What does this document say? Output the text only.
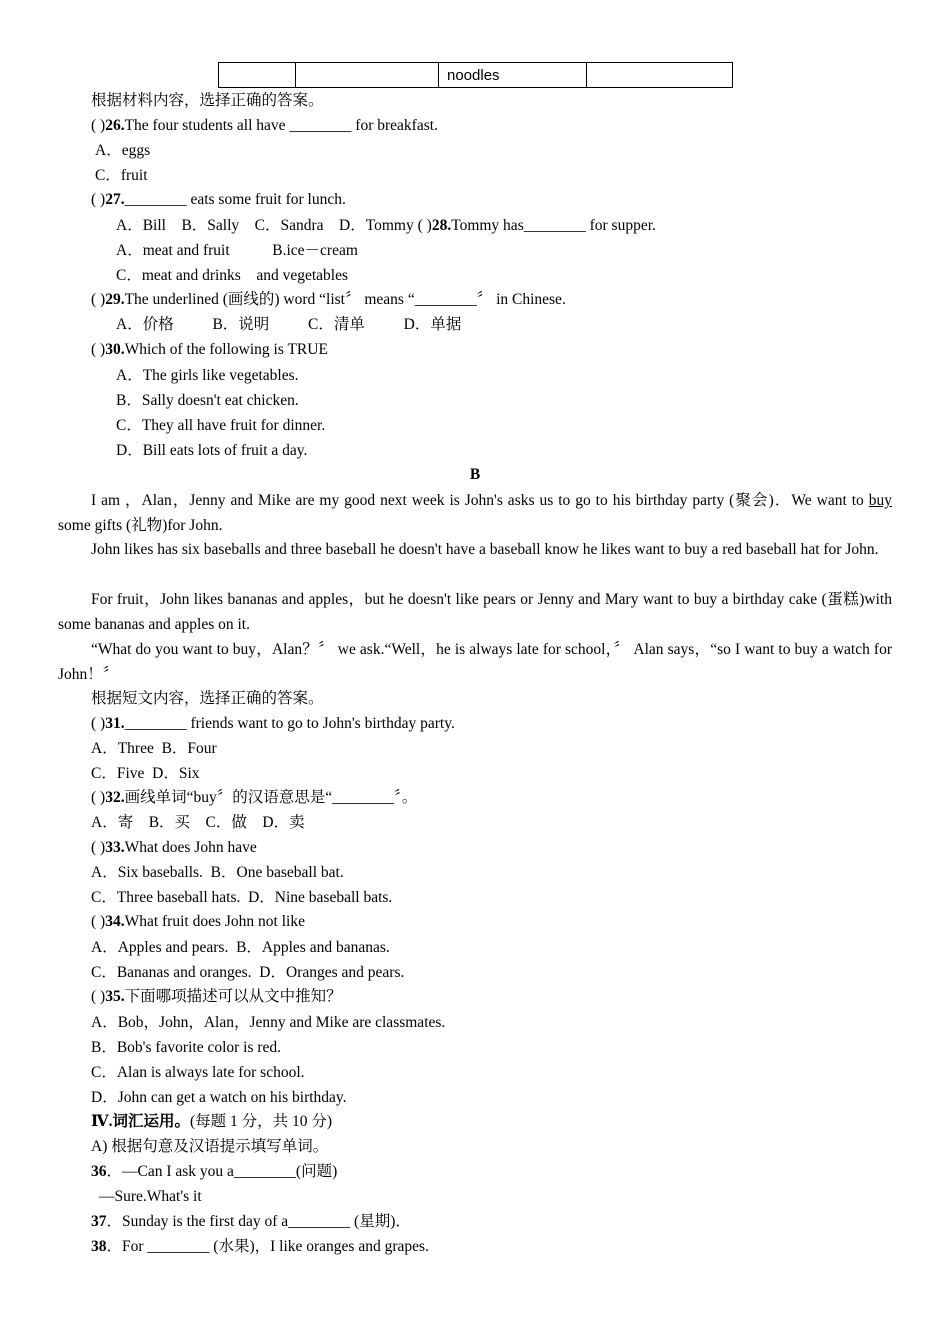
		noodles	
根据材料内容，选择正确的答案。
( )26.The four students all have ________ for breakfast.
A．eggs
C．fruit
( )27.________ eats some fruit for lunch.
A．Bill    B．Sally    C．Sandra    D．Tommy ( )28.Tommy has________ for supper.
A．meat and fruit           B.ice－cream
C．meat and drinks    and vegetables
( )29.The underlined (画线的) word “list〞 means “________〞 in Chinese.
A．价格          B．说明          C．清单          D．单据
( )30.Which of the following is TRUE
A．The girls like vegetables.
B．Sally doesn't eat chicken.
C．They all have fruit for dinner.
D．Bill eats lots of fruit a day.
B
I am ，Alan，Jenny and Mike are my good next week is John's asks us to go to his birthday party (聚会)．We want to buy some gifts (礼物)for John.
John likes has six baseballs and three baseball he doesn't have a baseball know he likes want to buy a red baseball hat for John.
For fruit，John likes bananas and apples，but he doesn't like pears or Jenny and Mary want to buy a birthday cake (蛋糕)with some bananas and apples on it.
“What do you want to buy，Alan？〞 we ask.“Well，he is always late for school，〞 Alan says，“so I want to buy a watch for John！〞
根据短文内容，选择正确的答案。
( )31.________ friends want to go to John's birthday party.
A．Three  B．Four
C．Five  D．Six
( )32.画线单词“buy〞的汉语意思是“________〞。
A．寄    B．买    C．做    D．卖
( )33.What does John have
A．Six baseballs.  B．One baseball bat.
C．Three baseball hats.  D．Nine baseball bats.
( )34.What fruit does John not like
A．Apples and pears.  B．Apples and bananas.
C．Bananas and oranges.  D．Oranges and pears.
( )35.下面哪项描述可以从文中推知？
A．Bob，John，Alan，Jenny and Mike are classmates.
B．Bob's favorite color is red.
C．Alan is always late for school.
D．John can get a watch on his birthday.
Ⅳ.词汇运用。(每题 1 分，共 10 分)
A) 根据句意及汉语提示填写单词。
36．—Can I ask you a________(问题)
—Sure.What's it
37．Sunday is the first day of a________ (星期)．
38．For ________ (水果)，I like oranges and grapes.
